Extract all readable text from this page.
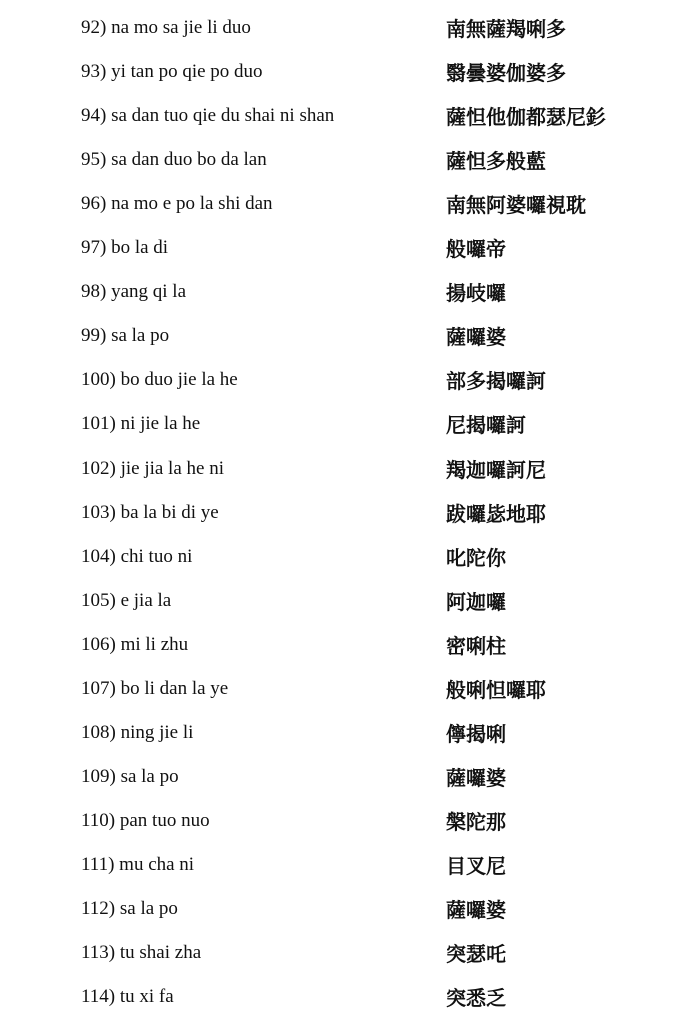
92) na mo sa jie li duo	南無薩羯唎多
93) yi tan po qie po duo	翳曇婆伽婆多
94) sa dan tuo qie du shai ni shan	薩怛他伽都瑟尼釤
95) sa dan duo bo da lan	薩怛多般藍
96) na mo e po la shi dan	南無阿婆囉視耽
97) bo la di	般囉帝
98) yang qi la	揚岐囉
99) sa la po	薩囉婆
100) bo duo jie la he	部多揭囉訶
101) ni jie la he	尼揭囉訶
102) jie jia la he ni	羯迦囉訶尼
103) ba la bi di ye	跋囉毖地耶
104) chi tuo ni	叱陀你
105) e jia la	阿迦囉
106) mi li zhu	密唎柱
107) bo li dan la ye	般唎怛囉耶
108) ning jie li	儜揭唎
109) sa la po	薩囉婆
110) pan tuo nuo	槃陀那
111) mu cha ni	目叉尼
112) sa la po	薩囉婆
113) tu shai zha	突瑟吒
114) tu xi fa	突悉乏
